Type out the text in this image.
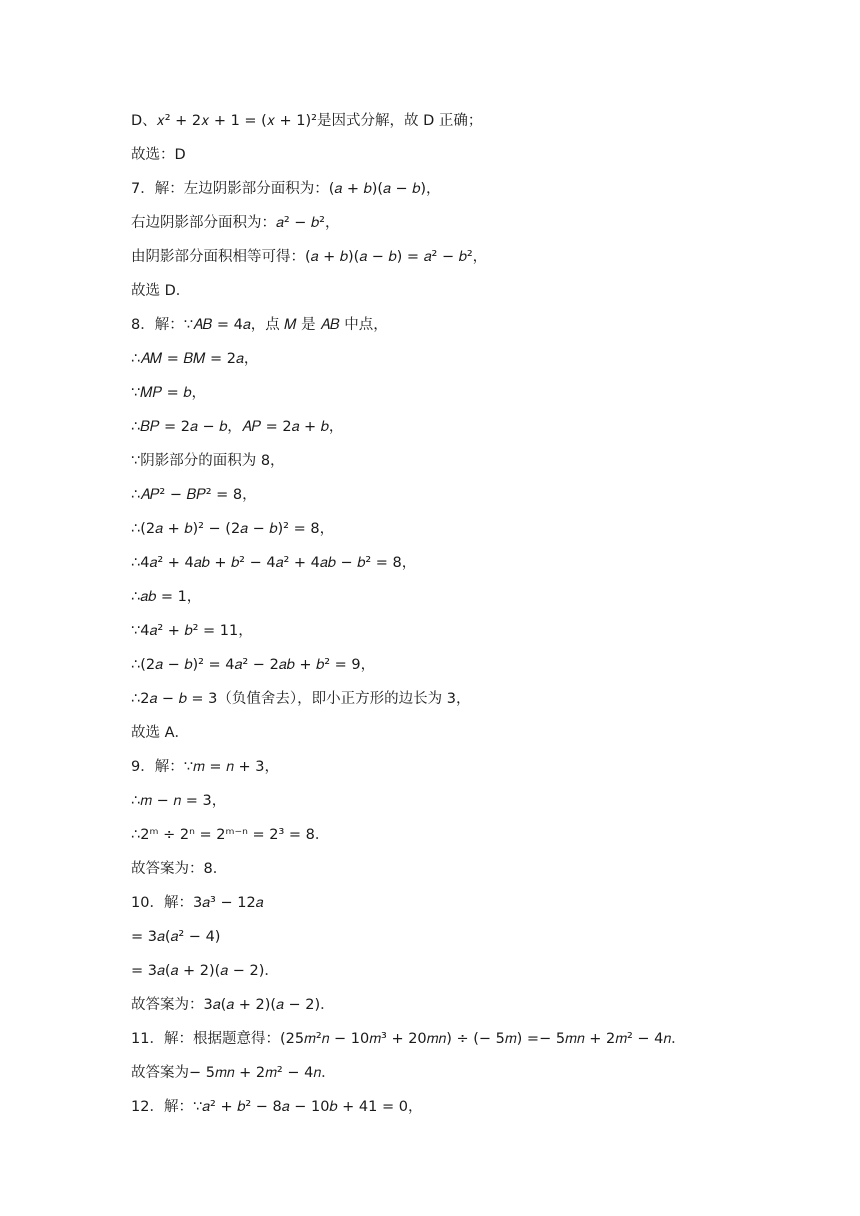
D、𝑥² + 2𝑥 + 1 = (𝑥 + 1)²是因式分解，故 D 正确；
故选：D
7．解：左边阴影部分面积为：(𝑎 + 𝑏)(𝑎 − 𝑏)，
右边阴影部分面积为：𝑎² − 𝑏²，
由阴影部分面积相等可得：(𝑎 + 𝑏)(𝑎 − 𝑏) = 𝑎² − 𝑏²，
故选 D．
8．解：∵𝐴𝐵 = 4𝑎，点 𝑀 是 𝐴𝐵 中点，
∴𝐴𝑀 = 𝐵𝑀 = 2𝑎，
∵𝑀𝑃 = 𝑏，
∴𝐵𝑃 = 2𝑎 − 𝑏，𝐴𝑃 = 2𝑎 + 𝑏，
∵阴影部分的面积为 8，
∴𝐴𝑃² − 𝐵𝑃² = 8，
∴(2𝑎 + 𝑏)² − (2𝑎 − 𝑏)² = 8，
∴4𝑎² + 4𝑎𝑏 + 𝑏² − 4𝑎² + 4𝑎𝑏 − 𝑏² = 8，
∴𝑎𝑏 = 1，
∵4𝑎² + 𝑏² = 11，
∴(2𝑎 − 𝑏)² = 4𝑎² − 2𝑎𝑏 + 𝑏² = 9，
∴2𝑎 − 𝑏 = 3（负值舍去），即小正方形的边长为 3，
故选 A．
9．解：∵𝑚 = 𝑛 + 3，
∴𝑚 − 𝑛 = 3，
∴2ᵐ ÷ 2ⁿ = 2ᵐ⁻ⁿ = 2³ = 8．
故答案为：8．
10．解：3𝑎³ − 12𝑎
= 3𝑎(𝑎² − 4)
= 3𝑎(𝑎 + 2)(𝑎 − 2)．
故答案为：3𝑎(𝑎 + 2)(𝑎 − 2)．
11．解：根据题意得：(25𝑚²𝑛 − 10𝑚³ + 20𝑚𝑛) ÷ (− 5𝑚) =− 5𝑚𝑛 + 2𝑚² − 4𝑛．
故答案为− 5𝑚𝑛 + 2𝑚² − 4𝑛．
12．解：∵𝑎² + 𝑏² − 8𝑎 − 10𝑏 + 41 = 0，
